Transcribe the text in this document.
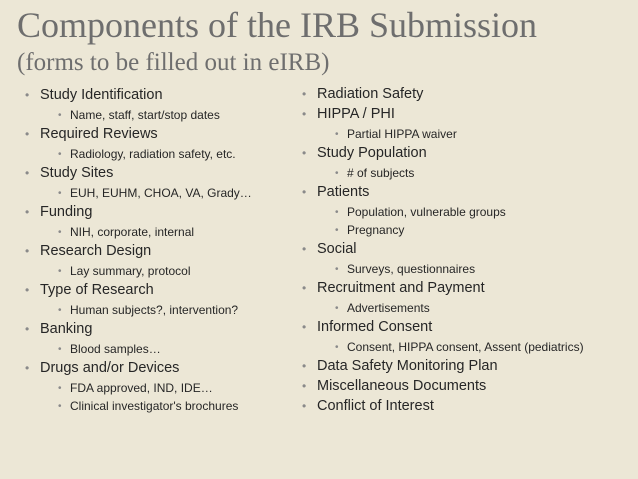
Components of the IRB Submission
(forms to be filled out in eIRB)
• Study Identification
• Name, staff, start/stop dates
• Required Reviews
• Radiology, radiation safety, etc.
• Study Sites
• EUH, EUHM, CHOA, VA, Grady…
• Funding
• NIH, corporate, internal
• Research Design
• Lay summary, protocol
• Type of Research
• Human subjects?, intervention?
• Banking
• Blood samples…
• Drugs and/or Devices
• FDA approved, IND, IDE…
• Clinical investigator's brochures
• Radiation Safety
• HIPPA / PHI
• Partial HIPPA waiver
• Study Population
• # of subjects
• Patients
• Population, vulnerable groups
• Pregnancy
• Social
• Surveys, questionnaires
• Recruitment and Payment
• Advertisements
• Informed Consent
• Consent, HIPPA consent, Assent (pediatrics)
• Data Safety Monitoring Plan
• Miscellaneous Documents
• Conflict of Interest
